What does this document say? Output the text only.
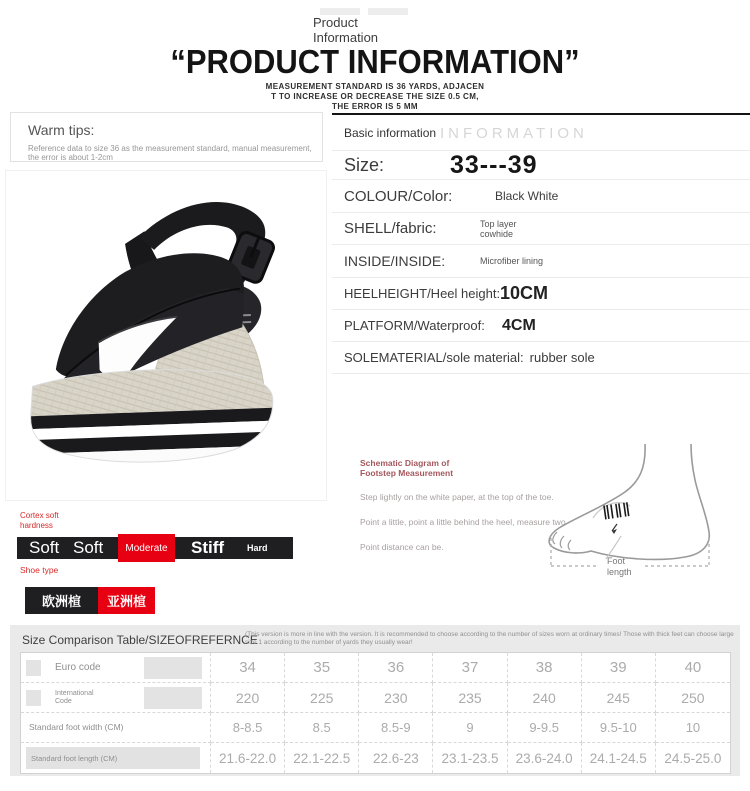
Product
Information
“PRODUCT INFORMATION”
MEASUREMENT STANDARD IS 36 YARDS, ADJACEN
T TO INCREASE OR DECREASE THE SIZE 0.5 CM,
THE ERROR IS 5 MM
Warm tips:
Reference data to size 36 as the measurement standard, manual measurement, the error is about 1-2cm
Basic information INFORMATION
Size:	33---39
COLOUR/Color:	Black White
SHELL/fabric:	Top layer cowhide
INSIDE/INSIDE:	Microfiber lining
HEELHEIGHT/Heel height: 10CM
PLATFORM/Waterproof: 4CM
SOLEMATERIAL/sole material: rubber sole
Schematic Diagram of
Footstep Measurement
Step lightly on the white paper, at the top of the toe.
Point a little, point a little behind the heel, measure two
Point distance can be.
Foot
length
Cortex soft
hardness
Soft Soft	Moderate	Stiff	Hard
Shoe type
欧洲楦	亚洲楦
Size Comparison Table/SIZEOFREFERNCE
(This version is more in line with the version. It is recommended to choose according to the number of sizes worn at ordinary times! Those with thick feet can choose large size 1 according to the number of yards they usually wear!
Euro code	34	35	36	37	38	39	40
International Code	220	225	230	235	240	245	250
Standard foot width (CM)	8-8.5	8.5	8.5-9	9	9-9.5	9.5-10	10
Standard foot length (CM)	21.6-22.0	22.1-22.5	22.6-23	23.1-23.5	23.6-24.0	24.1-24.5	24.5-25.0
